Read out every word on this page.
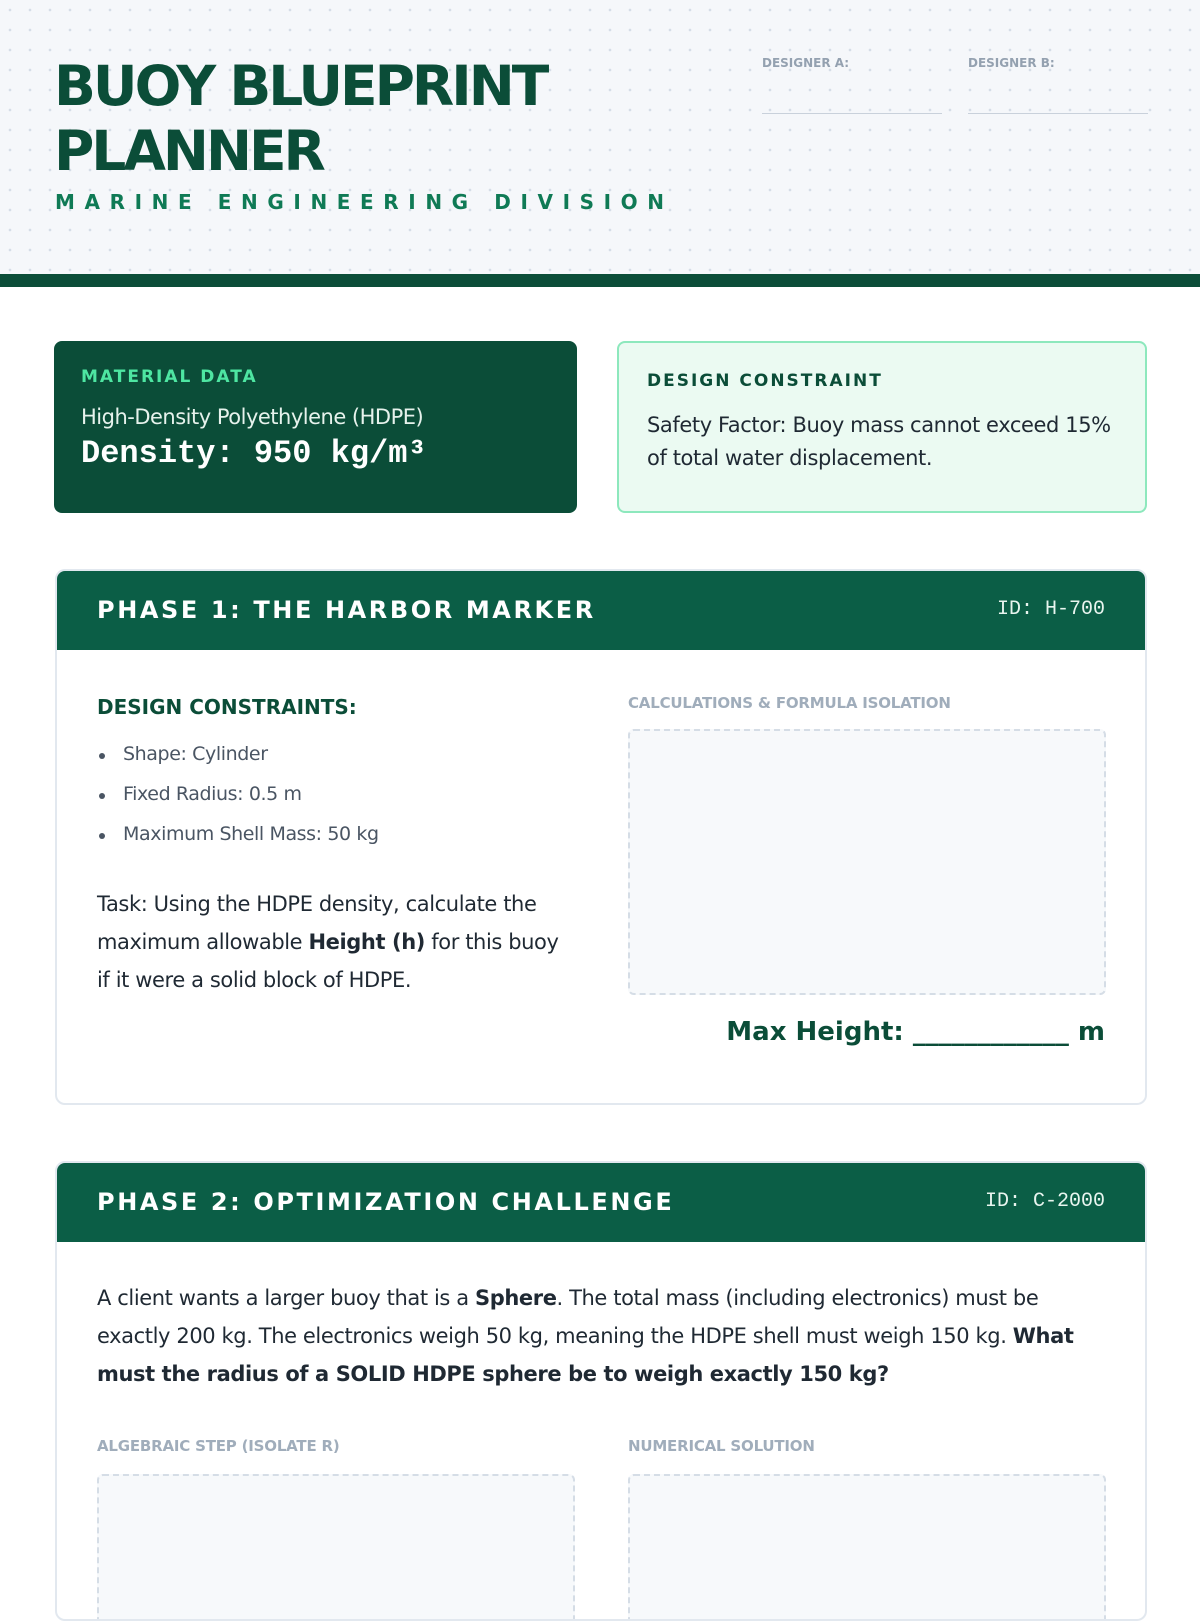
BUOY BLUEPRINT PLANNER
MARINE ENGINEERING DIVISION
DESIGNER A:	DESIGNER B:
MATERIAL DATA
High-Density Polyethylene (HDPE)
Density: 950 kg/m³
DESIGN CONSTRAINT
Safety Factor: Buoy mass cannot exceed 15% of total water displacement.
PHASE 1: THE HARBOR MARKER	ID: H-700
DESIGN CONSTRAINTS:
Shape: Cylinder
Fixed Radius: 0.5 m
Maximum Shell Mass: 50 kg
Task: Using the HDPE density, calculate the maximum allowable Height (h) for this buoy if it were a solid block of HDPE.
CALCULATIONS & FORMULA ISOLATION
Max Height: ____________ m
PHASE 2: OPTIMIZATION CHALLENGE	ID: C-2000
A client wants a larger buoy that is a Sphere. The total mass (including electronics) must be exactly 200 kg. The electronics weigh 50 kg, meaning the HDPE shell must weigh 150 kg. What must the radius of a SOLID HDPE sphere be to weigh exactly 150 kg?
ALGEBRAIC STEP (ISOLATE R)	NUMERICAL SOLUTION
